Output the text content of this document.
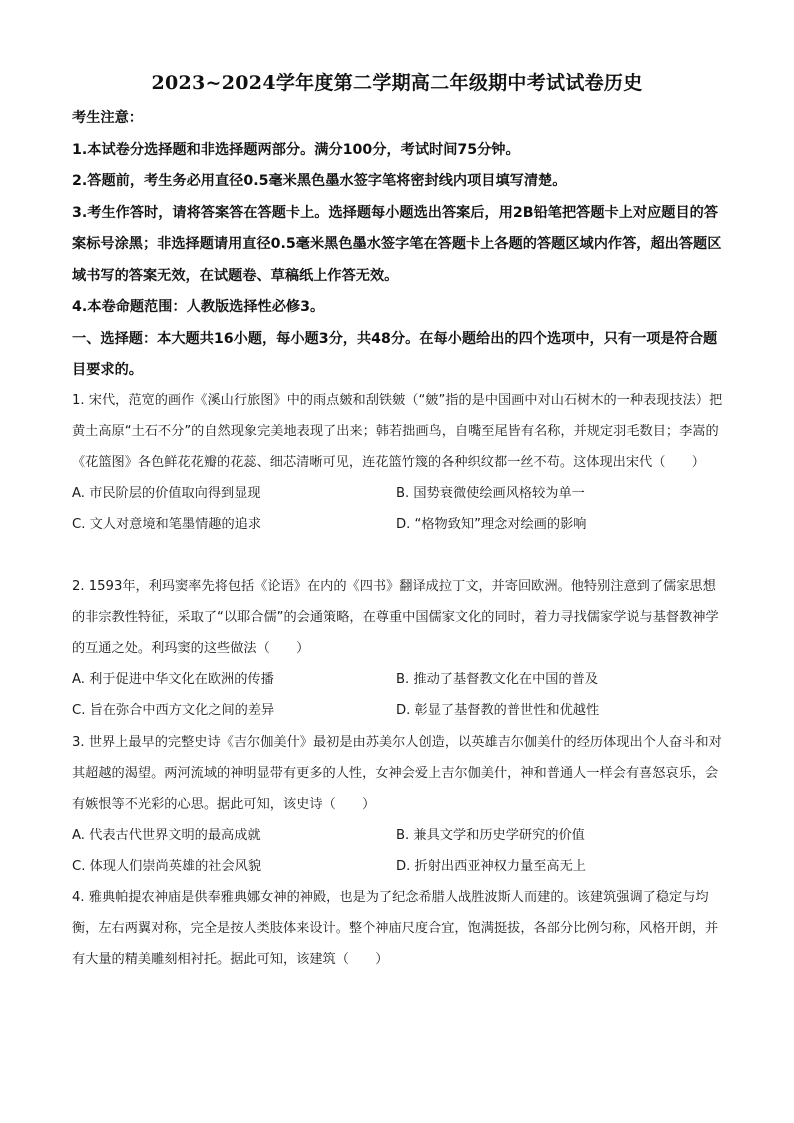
2023~2024学年度第二学期高二年级期中考试试卷历史

考生注意：

1.本试卷分选择题和非选择题两部分。满分100分，考试时间75分钟。

2.答题前，考生务必用直径0.5毫米黑色墨水签字笔将密封线内项目填写清楚。

3.考生作答时，请将答案答在答题卡上。选择题每小题选出答案后，用2B铅笔把答题卡上对应题目的答案标号涂黑；非选择题请用直径0.5毫米黑色墨水签字笔在答题卡上各题的答题区域内作答，超出答题区域书写的答案无效，在试题卷、草稿纸上作答无效。

4.本卷命题范围：人教版选择性必修3。

一、选择题：本大题共16小题，每小题3分，共48分。在每小题给出的四个选项中，只有一项是符合题目要求的。

1. 宋代，范宽的画作《溪山行旅图》中的雨点皴和刮铁皴（“皴”指的是中国画中对山石树木的一种表现技法）把黄土高原“土石不分”的自然现象完美地表现了出来；韩若拙画鸟，自嘴至尾皆有名称，并规定羽毛数目；李嵩的《花篮图》各色鲜花花瓣的花蕊、细芯清晰可见，连花篮竹篾的各种织纹都一丝不苟。这体现出宋代（　　）

A. 市民阶层的价值取向得到显现	B. 国势衰微使绘画风格较为单一
C. 文人对意境和笔墨情趣的追求	D. “格物致知”理念对绘画的影响

2. 1593年，利玛窦率先将包括《论语》在内的《四书》翻译成拉丁文，并寄回欧洲。他特别注意到了儒家思想的非宗教性特征，采取了“以耶合儒”的会通策略，在尊重中国儒家文化的同时，着力寻找儒家学说与基督教神学的互通之处。利玛窦的这些做法（　　）

A. 利于促进中华文化在欧洲的传播	B. 推动了基督教文化在中国的普及
C. 旨在弥合中西方文化之间的差异	D. 彰显了基督教的普世性和优越性

3. 世界上最早的完整史诗《吉尔伽美什》最初是由苏美尔人创造，以英雄吉尔伽美什的经历体现出个人奋斗和对其超越的渴望。两河流域的神明显带有更多的人性，女神会爱上吉尔伽美什，神和普通人一样会有喜怒哀乐，会有嫉恨等不光彩的心思。据此可知，该史诗（　　）

A. 代表古代世界文明的最高成就	B. 兼具文学和历史学研究的价值
C. 体现人们崇尚英雄的社会风貌	D. 折射出西亚神权力量至高无上

4. 雅典帕提农神庙是供奉雅典娜女神的神殿，也是为了纪念希腊人战胜波斯人而建的。该建筑强调了稳定与均衡，左右两翼对称，完全是按人类肢体来设计。整个神庙尺度合宜，饱满挺拔，各部分比例匀称，风格开朗，并有大量的精美雕刻相衬托。据此可知，该建筑（　　）
